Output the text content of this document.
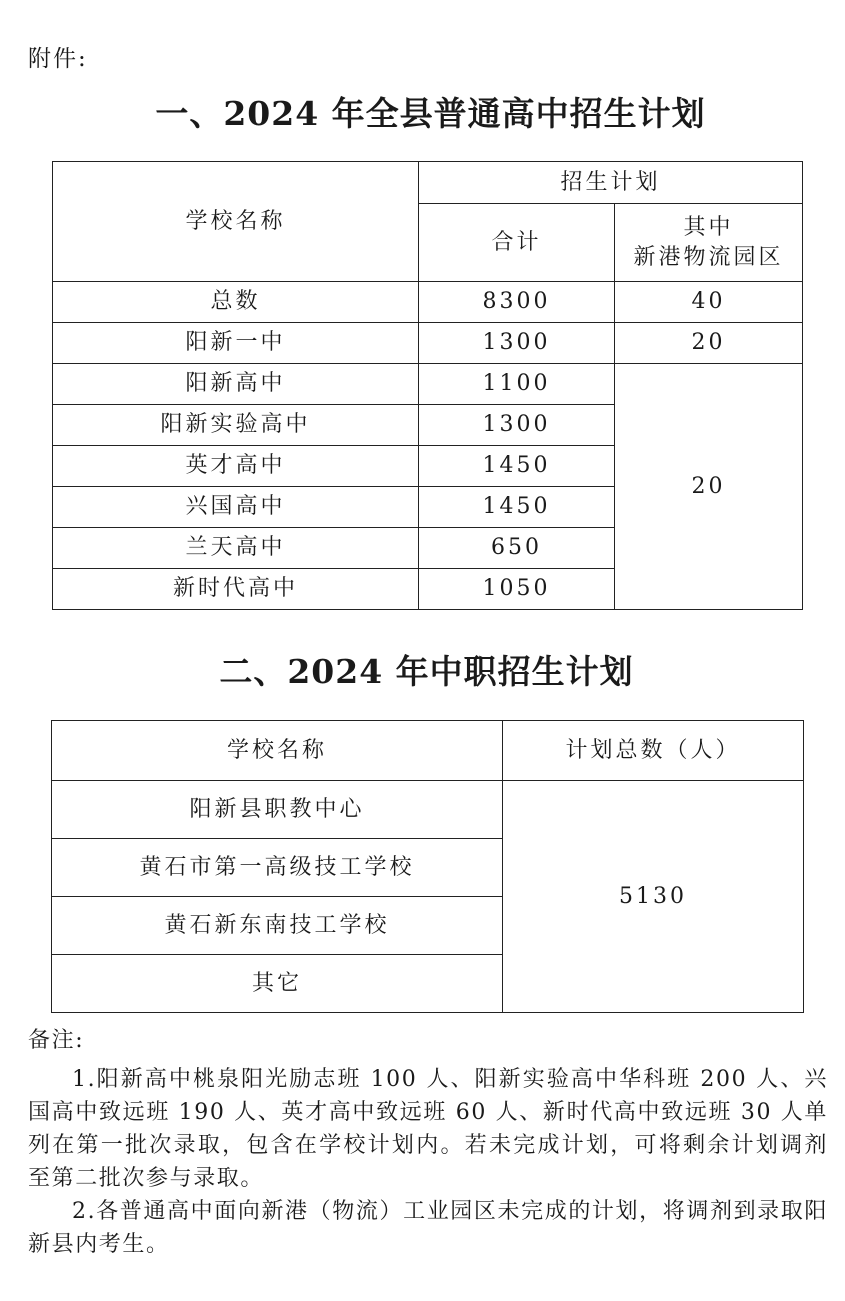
附件:
一、2024 年全县普通高中招生计划
学校名称	招生计划	
	合计	其中
新港物流园区

总数	8300	40
阳新一中	1300	20
阳新高中	1100	20
阳新实验高中	1300	
英才高中	1450	
兴国高中	1450	
兰天高中	650	
新时代高中	1050	
二、2024 年中职招生计划
学校名称	计划总数（人）
阳新县职教中心	5130
黄石市第一高级技工学校	
黄石新东南技工学校	
其它	

备注:

1.阳新高中桃泉阳光励志班 100 人、阳新实验高中华科班 200 人、兴国高中致远班 190 人、英才高中致远班 60 人、新时代高中致远班 30 人单列在第一批次录取，包含在学校计划内。若未完成计划，可将剩余计划调剂至第二批次参与录取。

2.各普通高中面向新港（物流）工业园区未完成的计划，将调剂到录取阳新县内考生。
